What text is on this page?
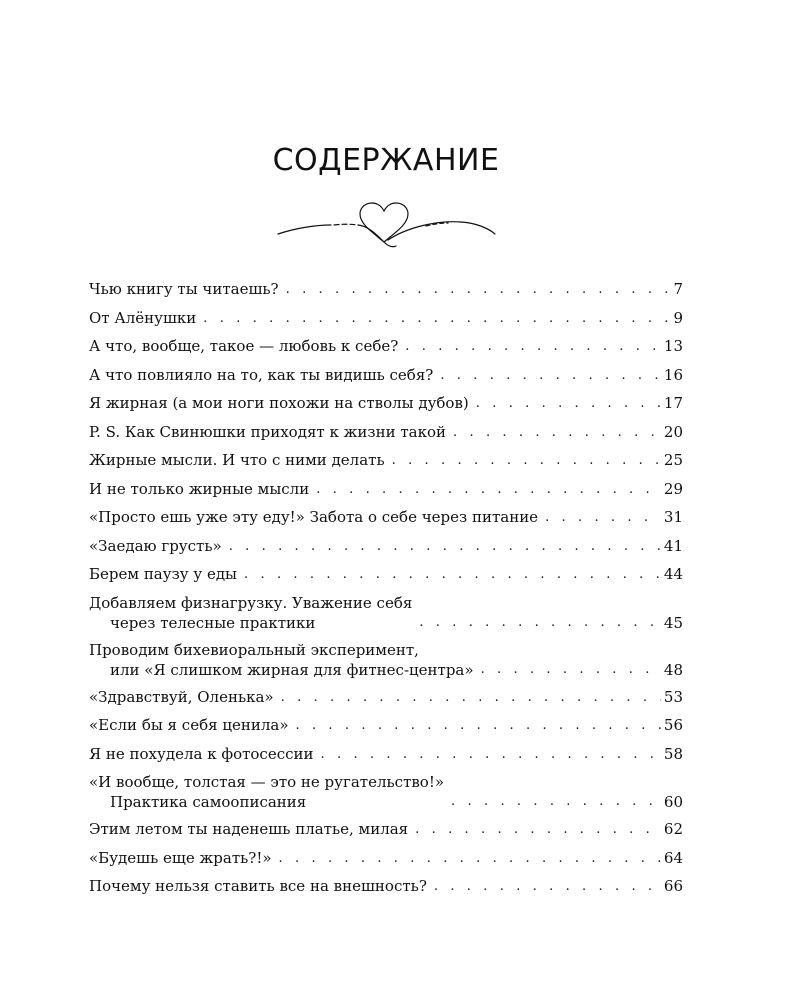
СОДЕРЖАНИЕ
Чью книгу ты читаешь? . . .	7
От Алёнушки . . .	9
А что, вообще, такое — любовь к себе? . . .	13
А что повлияло на то, как ты видишь себя? . . .	16
Я жирная (а мои ноги похожи на стволы дубов) . . .	17
P. S. Как Свинюшки приходят к жизни такой . . .	20
Жирные мысли. И что с ними делать . . .	25
И не только жирные мысли . . .	29
«Просто ешь уже эту еду!» Забота о себе через питание . . .	31
«Заедаю грусть» . . .	41
Берем паузу у еды . . .	44
Добавляем физнагрузку. Уважение себя
через телесные практики . . .	45
Проводим бихевиоральный эксперимент,
или «Я слишком жирная для фитнес-центра» . . .	48
«Здравствуй, Оленька» . . .	53
«Если бы я себя ценила» . . .	56
Я не похудела к фотосессии . . .	58
«И вообще, толстая — это не ругательство!»
Практика самоописания . . .	60
Этим летом ты наденешь платье, милая . . .	62
«Будешь еще жрать?!» . . .	64
Почему нельзя ставить все на внешность? . . .	66
